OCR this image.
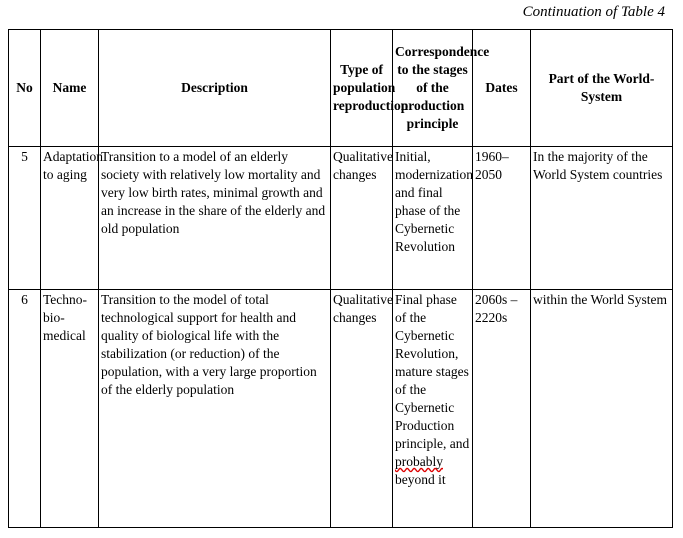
Continuation of Table 4
No	Name	Description	Type of population reproduction	Correspondence to the stages of the production principle	Dates	Part of the World-System
5	Adaptation to aging	Transition to a model of an elderly society with relatively low mortality and very low birth rates, minimal growth and an increase in the share of the elderly and old population	Qualitative changes	Initial, modernization and final phase of the Cybernetic Revolution	1960–2050	In the majority of the World System countries
6	Techno-bio-medical	Transition to the model of total technological support for health and quality of biological life with the stabilization (or reduction) of the population, with a very large proportion of the elderly population	Qualitative changes	Final phase of the Cybernetic Revolution, mature stages of the Cybernetic Production principle, and probably beyond it	2060s – 2220s	within the World System
